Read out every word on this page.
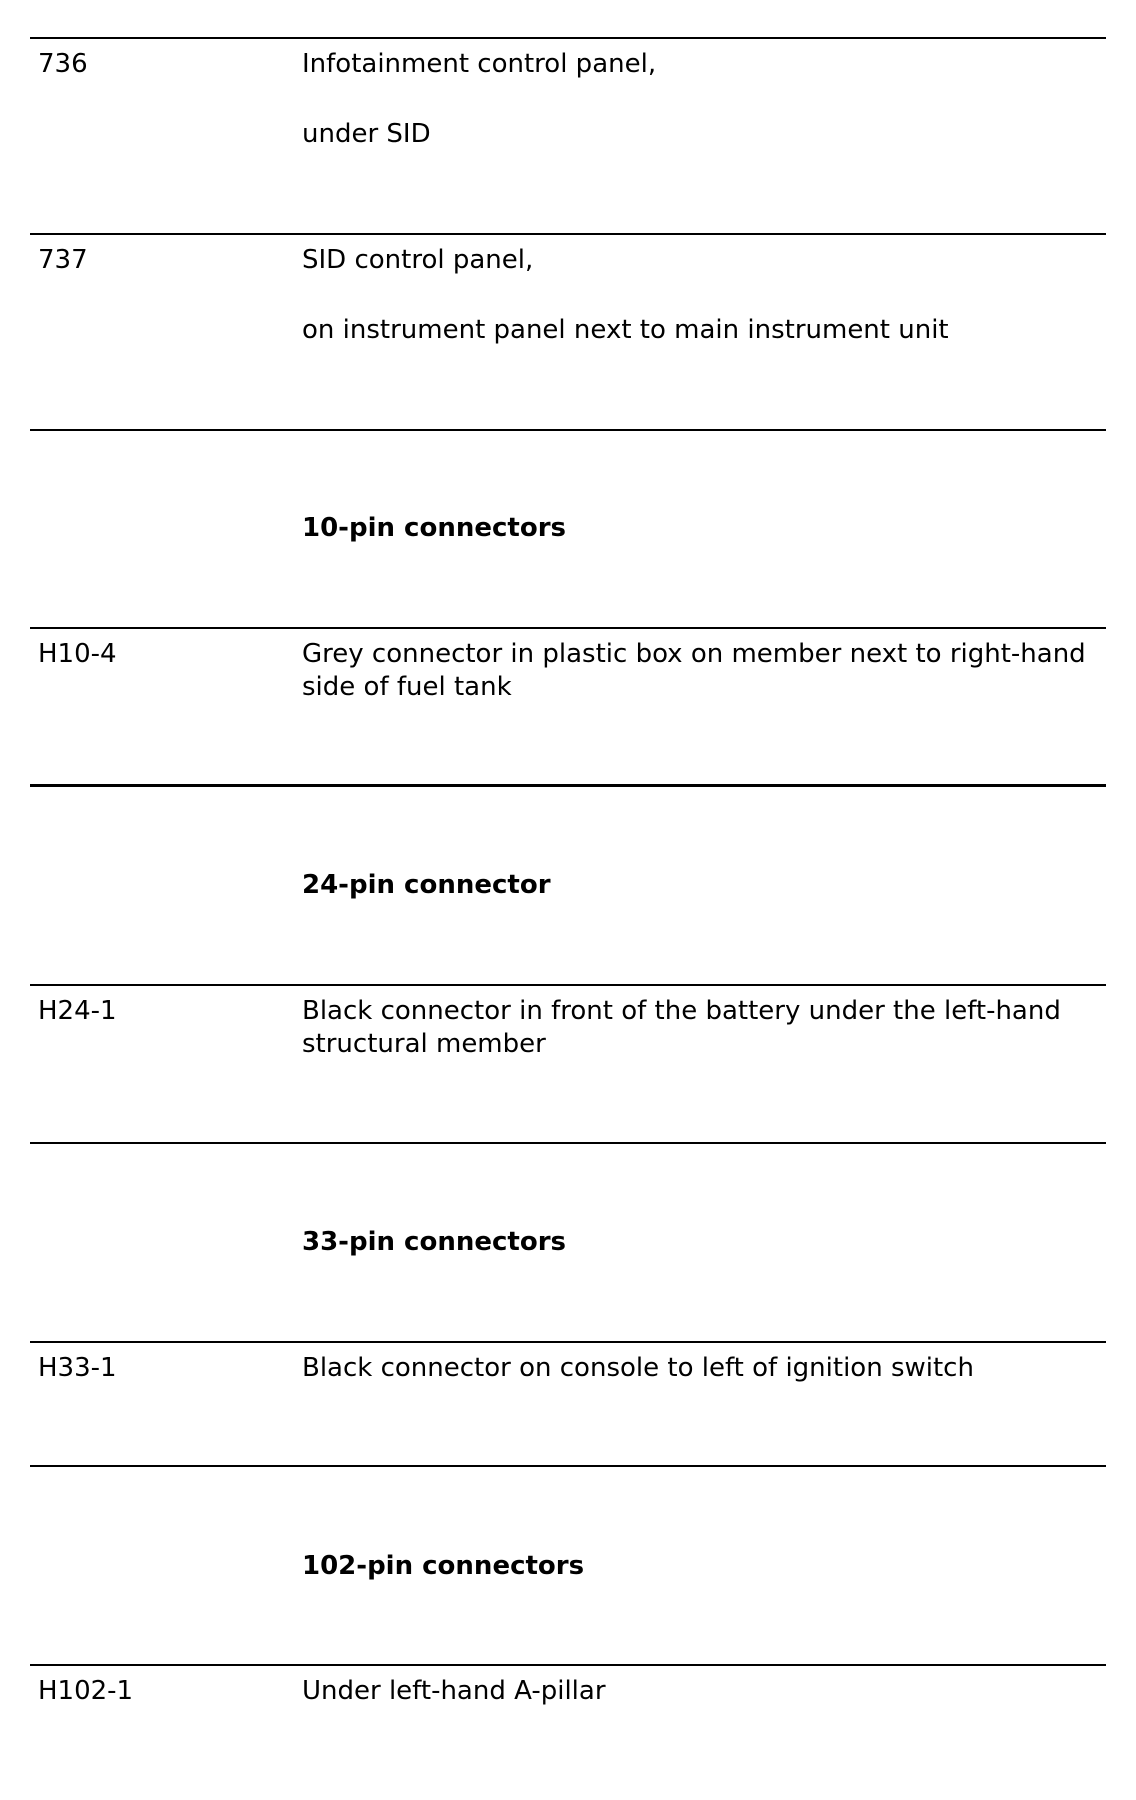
736	Infotainment control panel,
under SID
737	SID control panel,
on instrument panel next to main instrument unit
10-pin connectors
H10-4	Grey connector in plastic box on member next to right-hand side of fuel tank
24-pin connector
H24-1	Black connector in front of the battery under the left-hand structural member
33-pin connectors
H33-1	Black connector on console to left of ignition switch
102-pin connectors
H102-1	Under left-hand A-pillar
